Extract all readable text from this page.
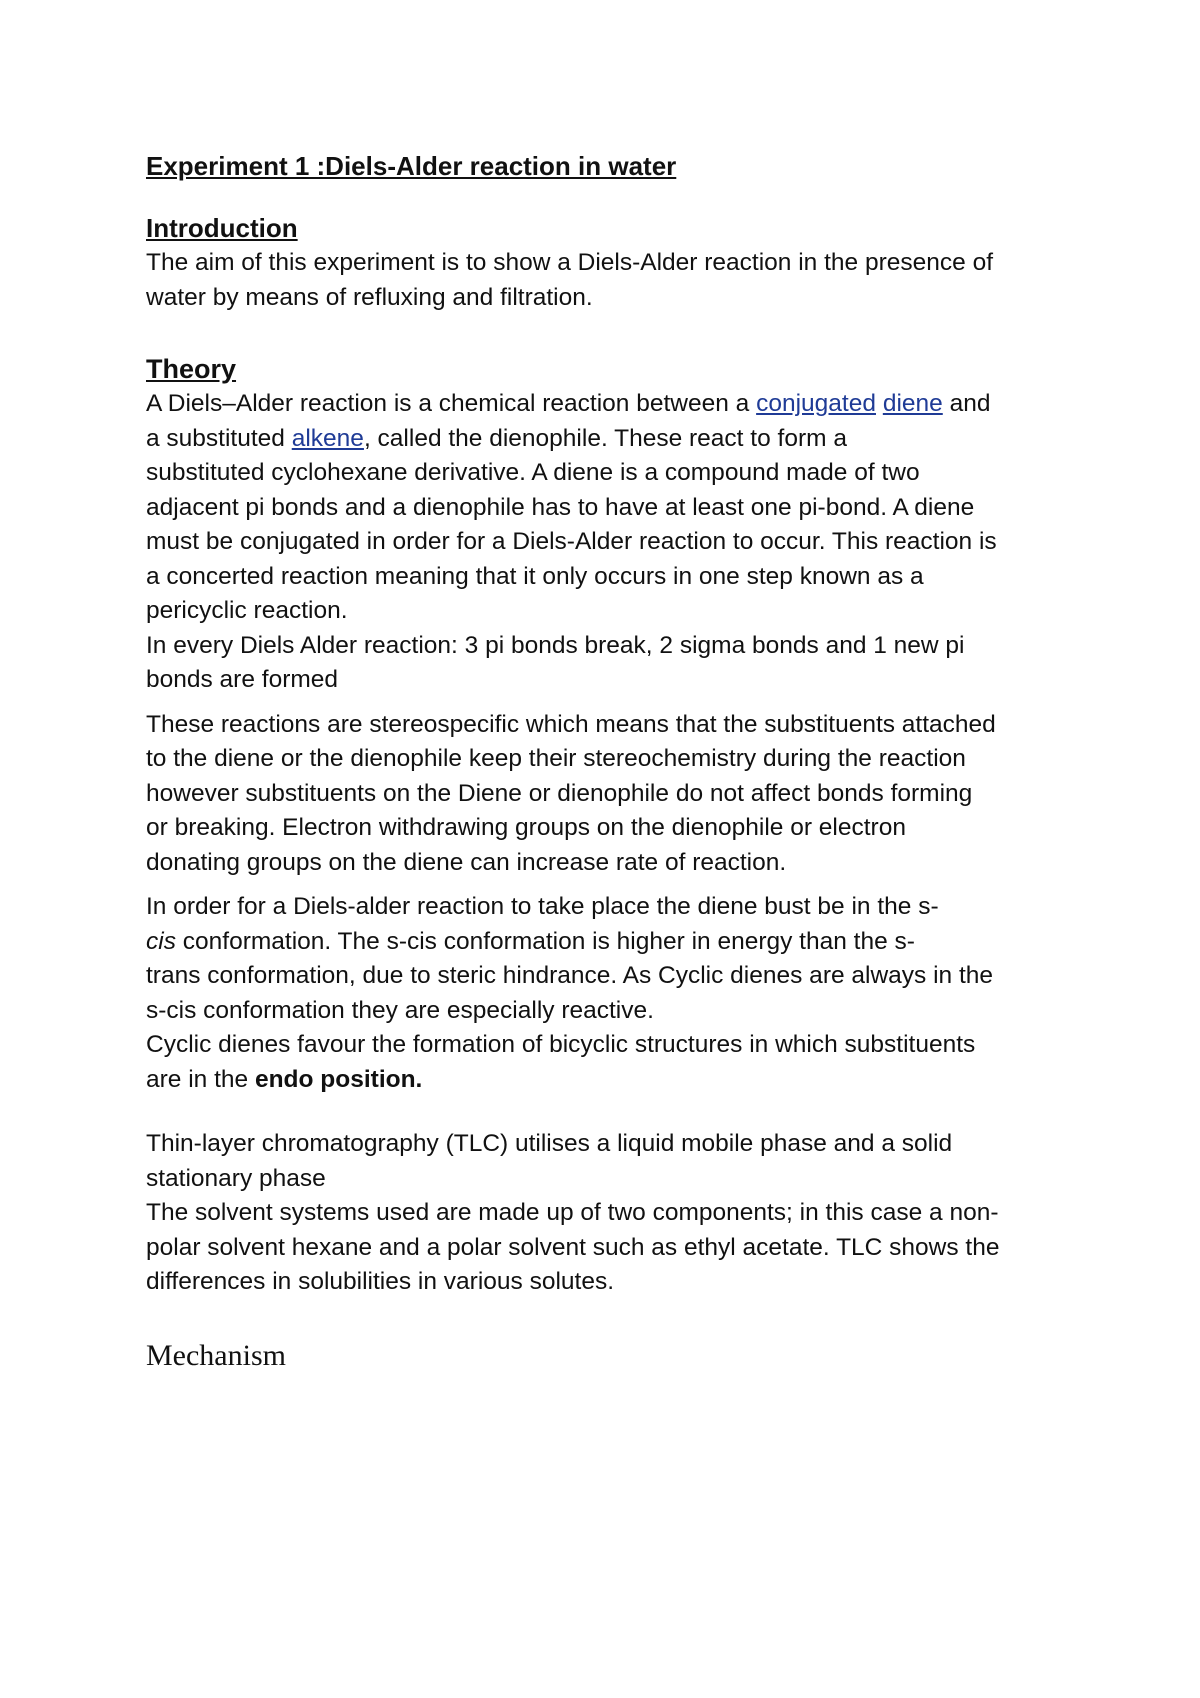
Experiment 1 :Diels-Alder reaction in water
Introduction
The aim of this experiment is to show a Diels-Alder reaction in the presence of
water by means of refluxing and filtration.
Theory
A Diels–Alder reaction is a chemical reaction between a conjugated diene and
a substituted alkene, called the dienophile. These react to form a
substituted cyclohexane derivative. A diene is a compound made of two
adjacent pi bonds and a dienophile has to have at least one pi-bond. A diene
must be conjugated in order for a Diels-Alder reaction to occur. This reaction is
a concerted reaction meaning that it only occurs in one step known as a
pericyclic reaction.
In every Diels Alder reaction: 3 pi bonds break, 2 sigma bonds and 1 new pi
bonds are formed
These reactions are stereospecific which means that the substituents attached
to the diene or the dienophile keep their stereochemistry during the reaction
however substituents on the Diene or dienophile do not affect bonds forming
or breaking. Electron withdrawing groups on the dienophile or electron
donating groups on the diene can increase rate of reaction.
In order for a Diels-alder reaction to take place the diene bust be in the s-
cis conformation. The s-cis conformation is higher in energy than the s-
trans conformation, due to steric hindrance. As Cyclic dienes are always in the
s-cis conformation they are especially reactive.
Cyclic dienes favour the formation of bicyclic structures in which substituents
are in the endo position.
Thin-layer chromatography (TLC) utilises a liquid mobile phase and a solid
stationary phase
The solvent systems used are made up of two components; in this case a non-
polar solvent hexane and a polar solvent such as ethyl acetate. TLC shows the
differences in solubilities in various solutes.
Mechanism
